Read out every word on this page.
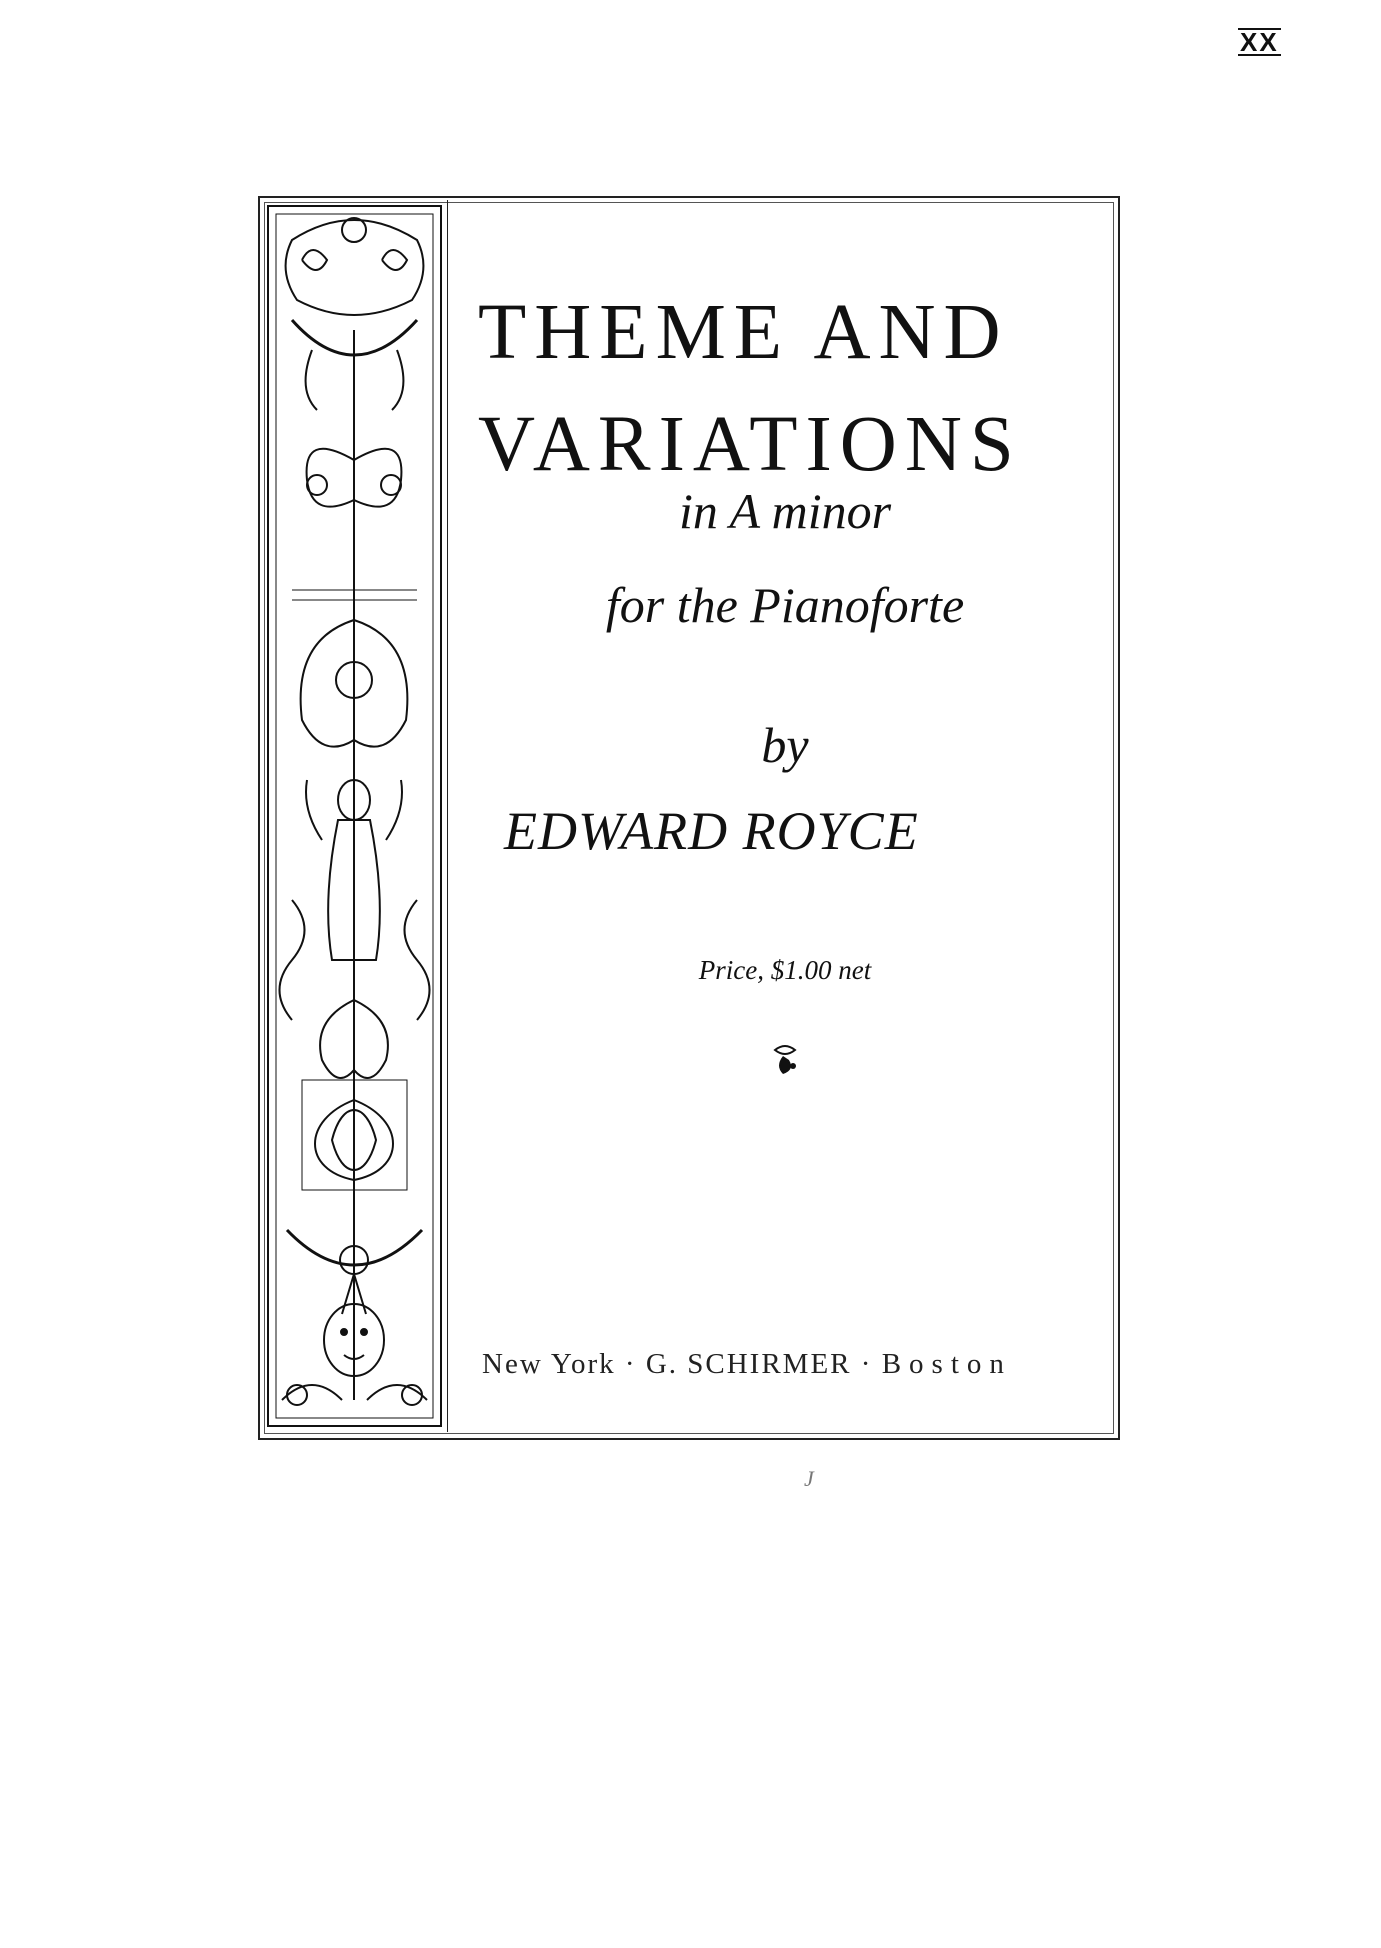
XX
THEME AND
VARIATIONS
in A minor
for the Pianoforte
by
EDWARD ROYCE
Price, $1.00 net
New York · G. SCHIRMER · Boston
J
